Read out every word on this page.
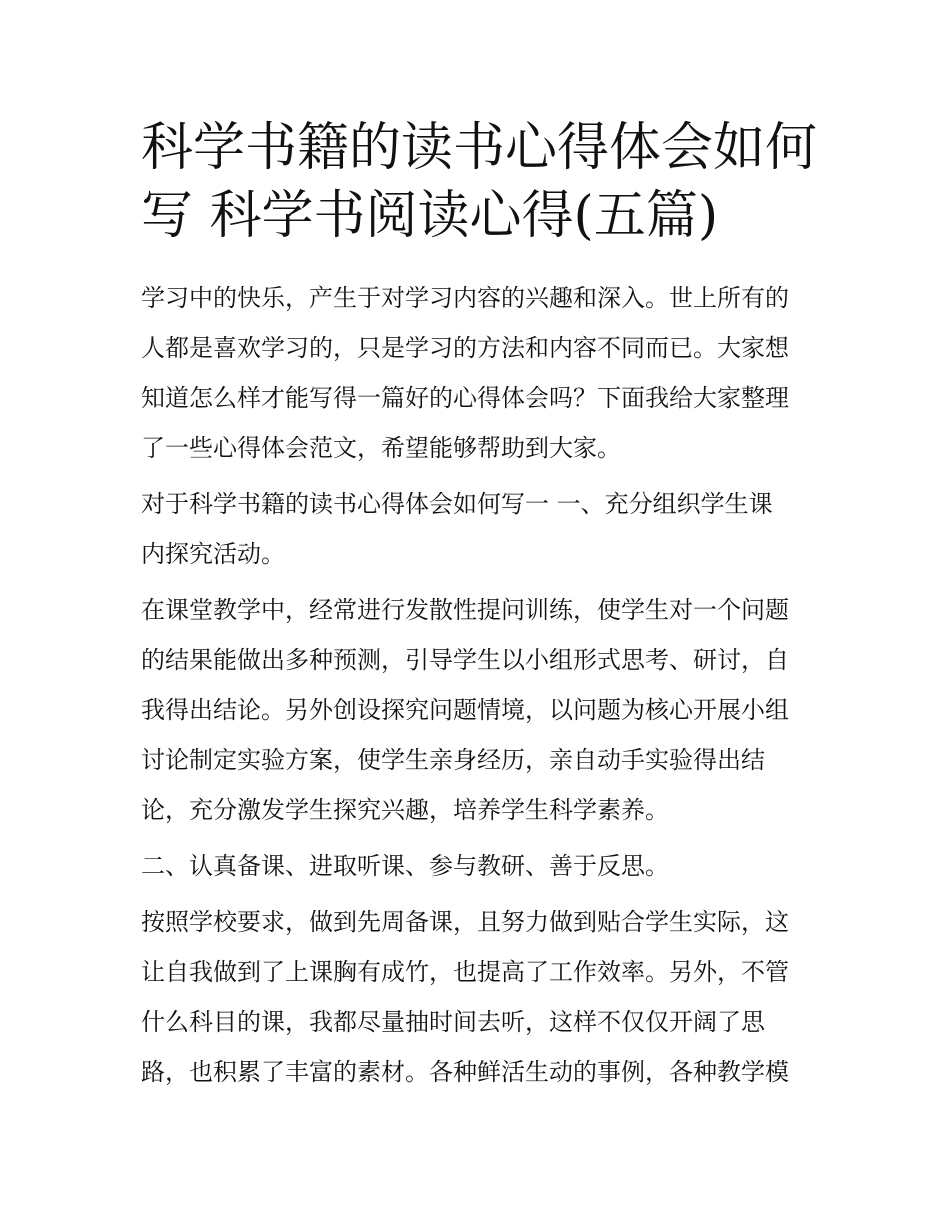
科学书籍的读书心得体会如何
写 科学书阅读心得(五篇)

学习中的快乐，产生于对学习内容的兴趣和深入。世上所有的
人都是喜欢学习的，只是学习的方法和内容不同而已。大家想
知道怎么样才能写得一篇好的心得体会吗？下面我给大家整理
了一些心得体会范文，希望能够帮助到大家。

对于科学书籍的读书心得体会如何写一 一、充分组织学生课
内探究活动。

在课堂教学中，经常进行发散性提问训练，使学生对一个问题
的结果能做出多种预测，引导学生以小组形式思考、研讨，自
我得出结论。另外创设探究问题情境，以问题为核心开展小组
讨论制定实验方案，使学生亲身经历，亲自动手实验得出结
论，充分激发学生探究兴趣，培养学生科学素养。

二、认真备课、进取听课、参与教研、善于反思。

按照学校要求，做到先周备课，且努力做到贴合学生实际，这
让自我做到了上课胸有成竹，也提高了工作效率。另外，不管
什么科目的课，我都尽量抽时间去听，这样不仅仅开阔了思
路，也积累了丰富的素材。各种鲜活生动的事例，各种教学模
